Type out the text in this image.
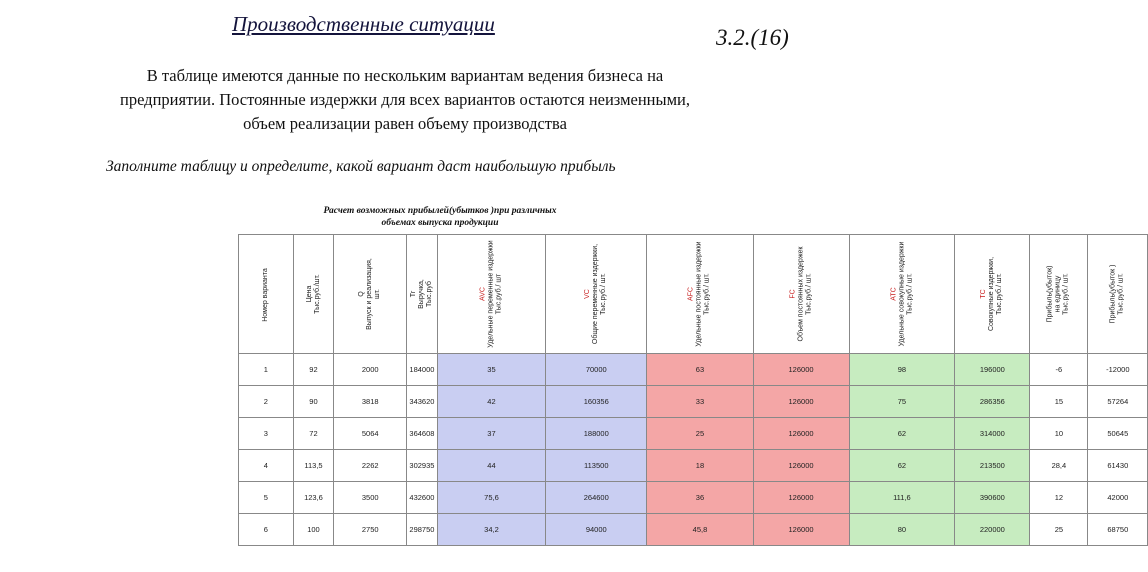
Производственные ситуации
3.2.(16)
В таблице имеются данные по нескольким вариантам ведения бизнеса на
предприятии. Постоянные издержки для всех вариантов остаются неизменными,
объем реализации равен объему производства
Заполните таблицу и определите, какой вариант даст наибольшую прибыль
Расчет возможных прибылей(убытков )при различных
объемах выпуска продукции
Номер варианта	Цена Тыс.руб./шт.	Q Выпуск и реализация, шт.	Tr Выручка, Тыс.руб	AVC Удельные переменные издержки Тыс.руб./ шт	VC Общие переменные издержки, Тыс.руб./ шт.	AFC Удельные постоянные издержки Тыс.руб./ шт.	FC Объем постоянных издержек Тыс.руб./ шт.	ATC Удельные совокупные издержки Тыс.руб./ шт.	TC Совокупные издержки, Тыс.руб./ шт.	Прибыль(убыток) на единицу Тыс.руб./ шт.	Прибыль(убыток ) Тыс.руб./ шт.

1	92	2000	184000	35	70000	63	126000	98	196000	-6	-12000
2	90	3818	343620	42	160356	33	126000	75	286356	15	57264
3	72	5064	364608	37	188000	25	126000	62	314000	10	50645
4	113,5	2262	302935	44	113500	18	126000	62	213500	28,4	61430
5	123,6	3500	432600	75,6	264600	36	126000	111,6	390600	12	42000
6	100	2750	298750	34,2	94000	45,8	126000	80	220000	25	68750
